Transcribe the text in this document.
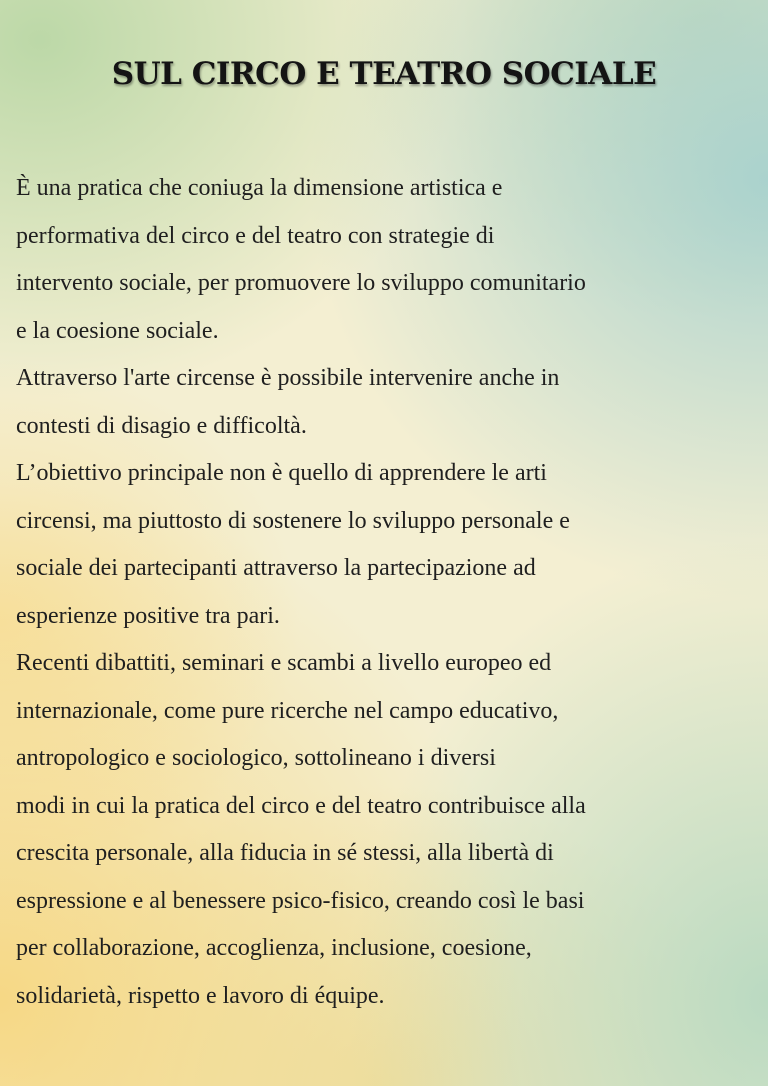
SUL CIRCO E TEATRO SOCIALE
È una pratica che coniuga la dimensione artistica e
performativa del circo e del teatro con strategie di
intervento sociale, per promuovere lo sviluppo comunitario
e la coesione sociale.
Attraverso l'arte circense è possibile intervenire anche in
contesti di disagio e difficoltà.
L’obiettivo principale non è quello di apprendere le arti
circensi, ma piuttosto di sostenere lo sviluppo personale e
sociale dei partecipanti attraverso la partecipazione ad
esperienze positive tra pari.
Recenti dibattiti, seminari e scambi a livello europeo ed
internazionale, come pure ricerche nel campo educativo,
antropologico e sociologico, sottolineano i diversi
modi in cui la pratica del circo e del teatro contribuisce alla
crescita personale, alla fiducia in sé stessi, alla libertà di
espressione e al benessere psico-fisico, creando così le basi
per collaborazione, accoglienza, inclusione, coesione,
solidarietà, rispetto e lavoro di équipe.
